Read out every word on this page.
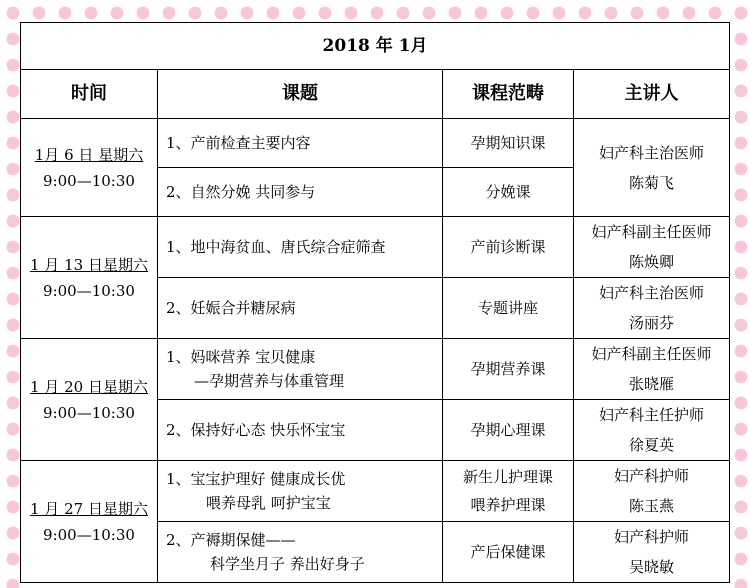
2018 年 1月			
时间	课题	课程范畴	主讲人

1月 6 日 星期六
9:00—10:30	1、产前检查主要内容	孕期知识课	妇产科主治医师
陈菊飞

	2、自然分娩 共同参与	分娩课	

1 月 13 日星期六
9:00—10:30	1、地中海贫血、唐氏综合症筛查	产前诊断课	妇产科副主任医师
陈焕卿

	2、妊娠合并糖尿病	专题讲座	妇产科主治医师
汤丽芬

1 月 20 日星期六
9:00—10:30	1、妈咪营养 宝贝健康
—孕期营养与体重管理	孕期营养课	妇产科副主任医师
张晓雁

	2、保持好心态 快乐怀宝宝	孕期心理课	妇产科主任护师
徐夏英

1 月 27 日星期六
9:00—10:30	1、宝宝护理好 健康成长优
喂养母乳 呵护宝宝	新生儿护理课
喂养护理课	妇产科护师
陈玉燕

	2、产褥期保健——
科学坐月子 养出好身子	产后保健课	妇产科护师
吴晓敏
